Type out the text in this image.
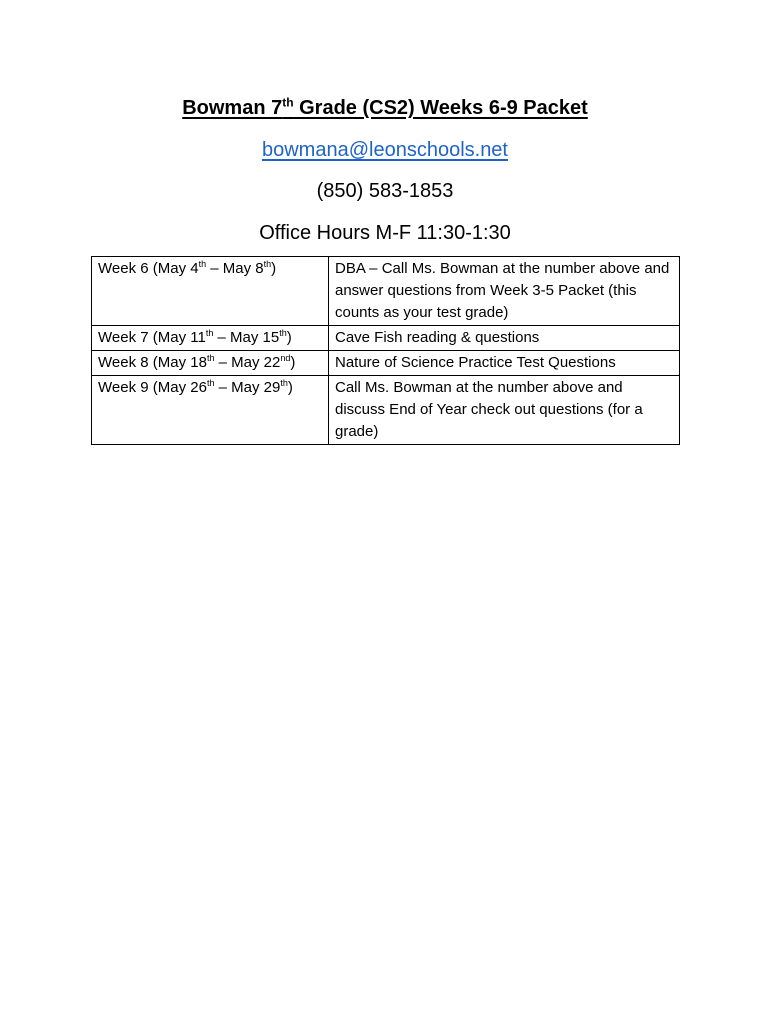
Bowman 7th Grade (CS2) Weeks 6-9 Packet
bowmana@leonschools.net
(850) 583-1853
Office Hours M-F 11:30-1:30
Week 6 (May 4th – May 8th)	DBA – Call Ms. Bowman at the number above and answer questions from Week 3-5 Packet (this counts as your test grade)
Week 7 (May 11th – May 15th)	Cave Fish reading & questions
Week 8 (May 18th – May 22nd)	Nature of Science Practice Test Questions
Week 9 (May 26th – May 29th)	Call Ms. Bowman at the number above and discuss End of Year check out questions (for a grade)
